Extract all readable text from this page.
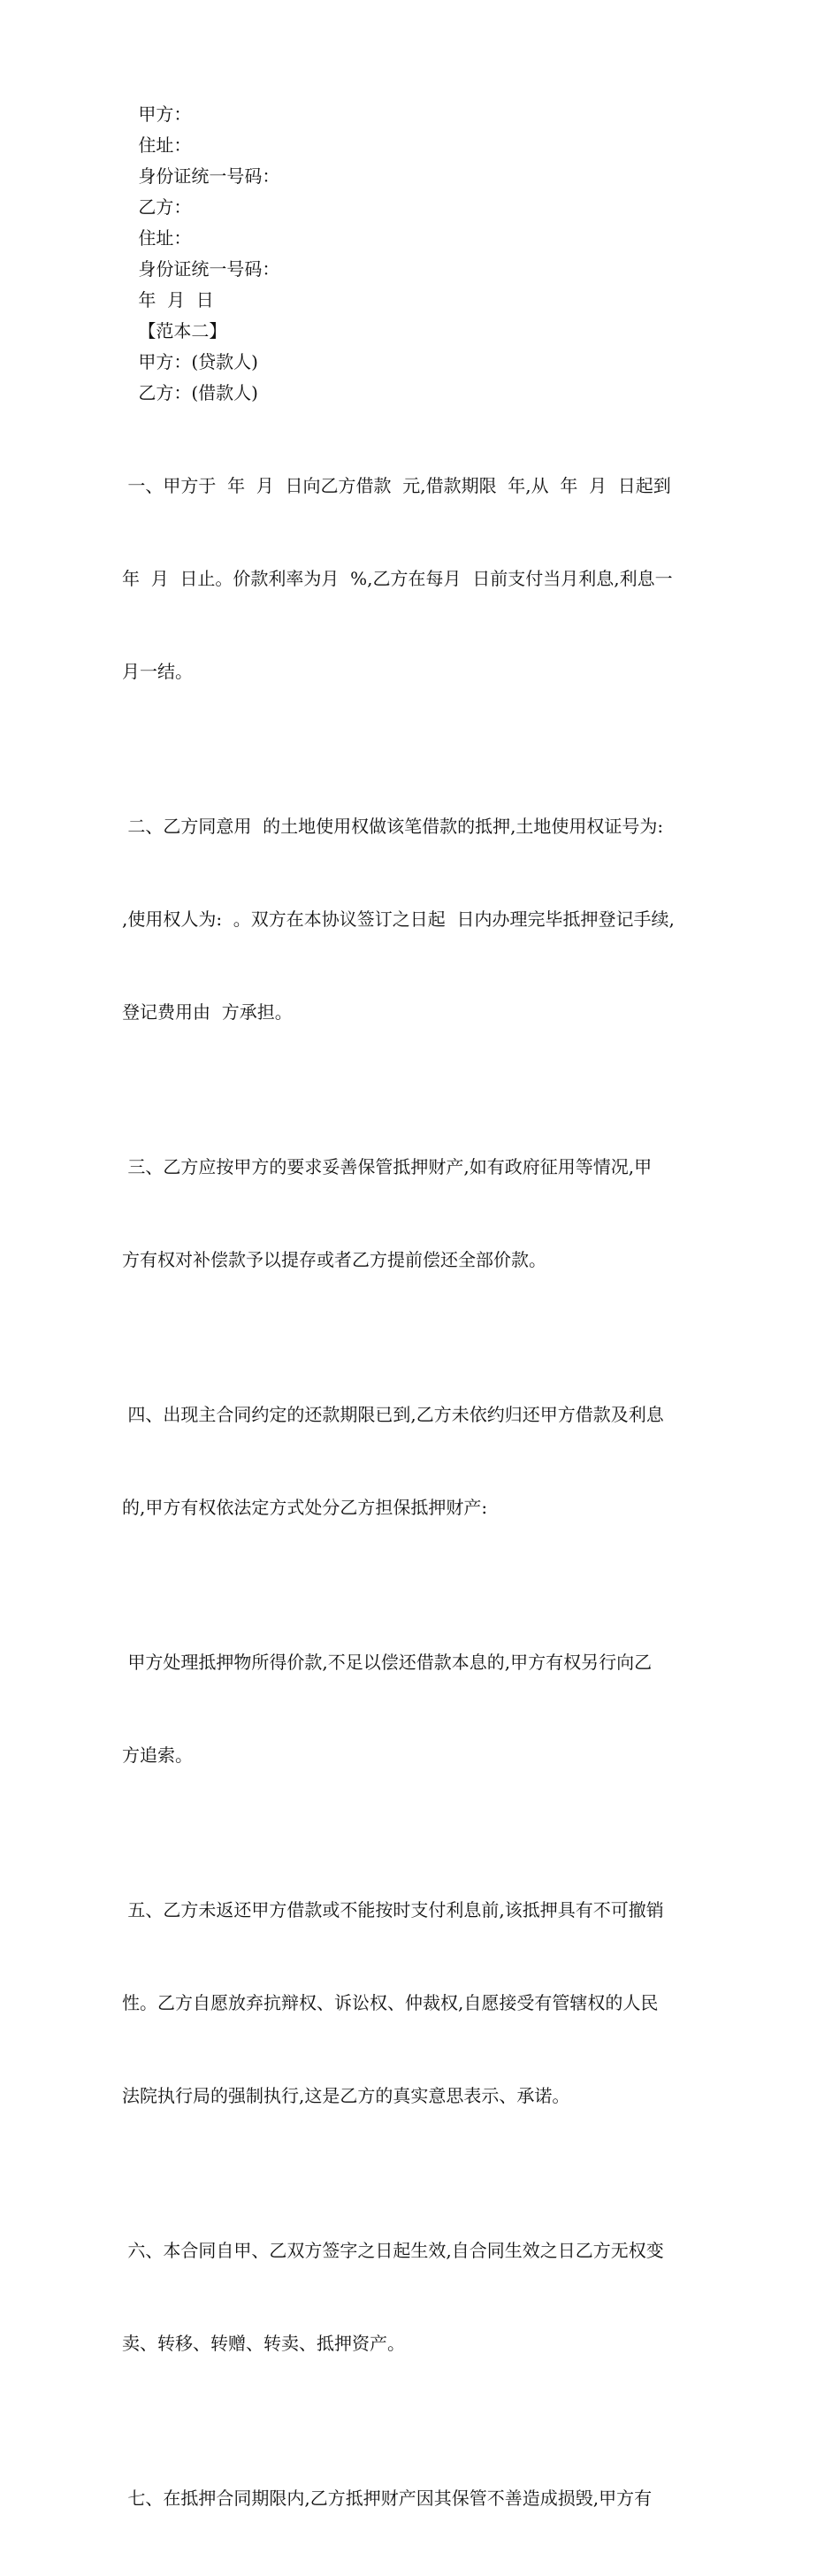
甲方：
住址：
身份证统一号码：
乙方：
住址：
身份证统一号码：
年  月  日
【范本二】
甲方：(贷款人)
乙方：(借款人)

一、甲方于  年  月  日向乙方借款  元,借款期限  年,从  年  月  日起到

年  月  日止。价款利率为月  %,乙方在每月  日前支付当月利息,利息一

月一结。

二、乙方同意用  的土地使用权做该笔借款的抵押,土地使用权证号为:

,使用权人为:  。双方在本协议签订之日起  日内办理完毕抵押登记手续,

登记费用由  方承担。

三、乙方应按甲方的要求妥善保管抵押财产,如有政府征用等情况,甲

方有权对补偿款予以提存或者乙方提前偿还全部价款。

四、出现主合同约定的还款期限已到,乙方未依约归还甲方借款及利息

的,甲方有权依法定方式处分乙方担保抵押财产:

甲方处理抵押物所得价款,不足以偿还借款本息的,甲方有权另行向乙

方追索。

五、乙方未返还甲方借款或不能按时支付利息前,该抵押具有不可撤销

性。乙方自愿放弃抗辩权、诉讼权、仲裁权,自愿接受有管辖权的人民

法院执行局的强制执行,这是乙方的真实意思表示、承诺。

六、本合同自甲、乙双方签字之日起生效,自合同生效之日乙方无权变

卖、转移、转赠、转卖、抵押资产。

七、在抵押合同期限内,乙方抵押财产因其保管不善造成损毁,甲方有
